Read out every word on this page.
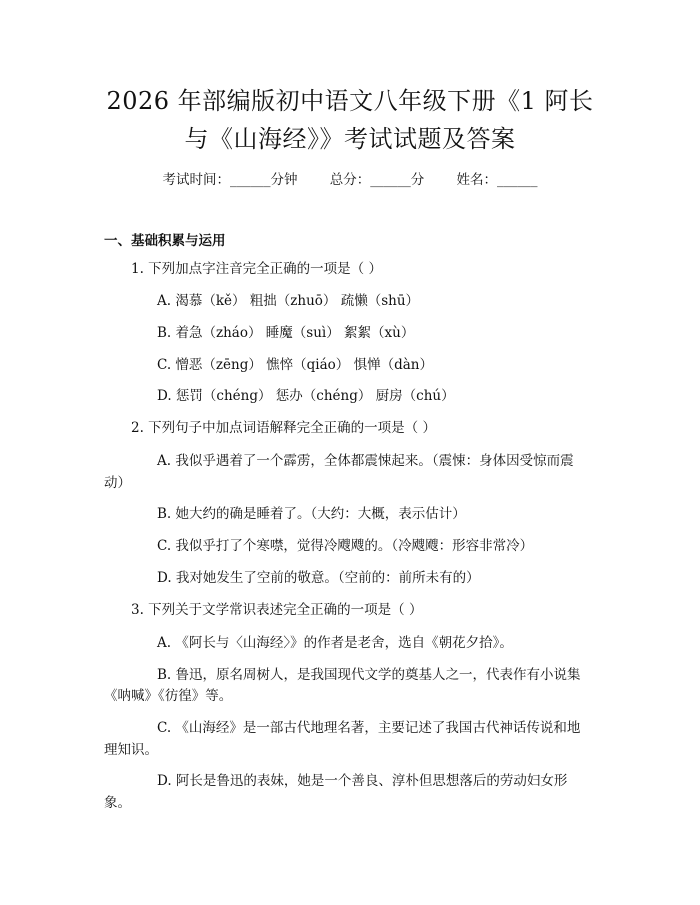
2026 年部编版初中语文八年级下册《1 阿长
与《山海经》》考试试题及答案
考试时间：______分钟 总分：______分 姓名：______
一、基础积累与运用
1. 下列加点字注音完全正确的一项是（ ）
A. 渴慕（kě） 粗拙（zhuō） 疏懒（shū）
B. 着急（zháo） 睡魔（suì） 絮絮（xù）
C. 憎恶（zēng） 憔悴（qiáo） 惧惮（dàn）
D. 惩罚（chéng） 惩办（chéng） 厨房（chú）
2. 下列句子中加点词语解释完全正确的一项是（ ）
A. 我似乎遇着了一个霹雳，全体都震悚起来。（震悚：身体因受惊而震
动）
B. 她大约的确是睡着了。（大约：大概，表示估计）
C. 我似乎打了个寒噤，觉得冷飕飕的。（冷飕飕：形容非常冷）
D. 我对她发生了空前的敬意。（空前的：前所未有的）
3. 下列关于文学常识表述完全正确的一项是（ ）
A. 《阿长与〈山海经〉》的作者是老舍，选自《朝花夕拾》。
B. 鲁迅，原名周树人，是我国现代文学的奠基人之一，代表作有小说集
《呐喊》《彷徨》等。
C. 《山海经》是一部古代地理名著，主要记述了我国古代神话传说和地
理知识。
D. 阿长是鲁迅的表妹，她是一个善良、淳朴但思想落后的劳动妇女形
象。
